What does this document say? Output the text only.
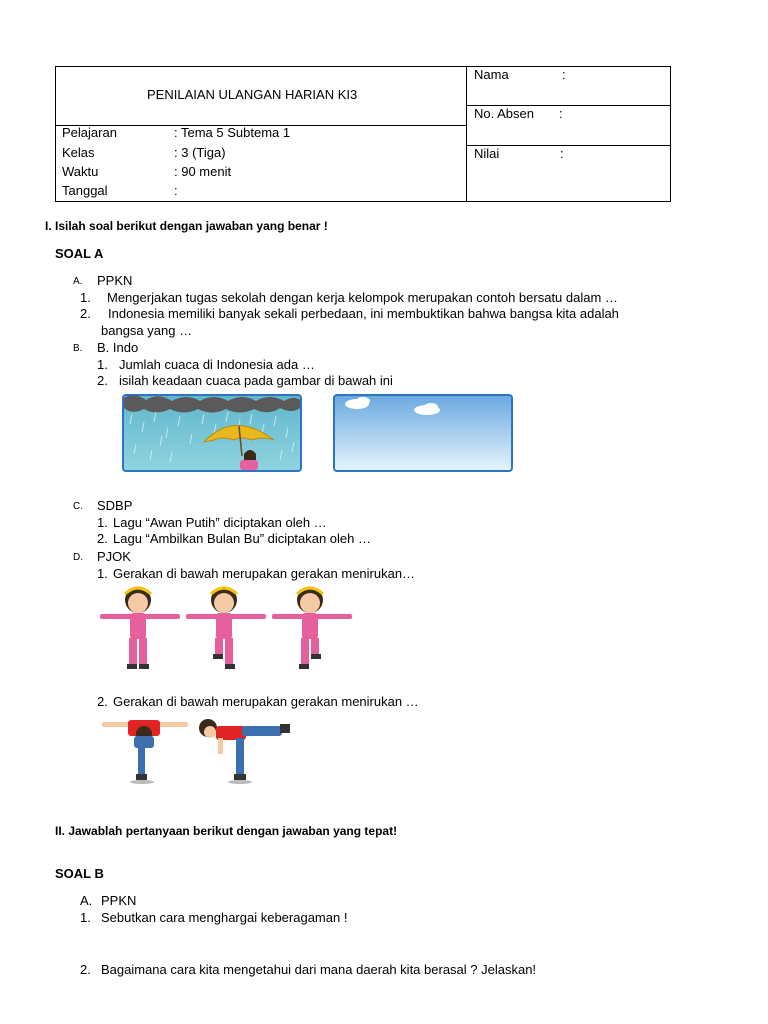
PENILAIAN ULANGAN HARIAN KI3
Pelajaran	: Tema 5 Subtema 1
Kelas	: 3 (Tiga)
Waktu	: 90 menit
Tanggal	:
Nama	:
No. Absen :
Nilai	:
I. Isilah soal berikut dengan jawaban yang benar !
SOAL A
A. PPKN
1. Mengerjakan tugas sekolah dengan kerja kelompok merupakan contoh bersatu dalam …
2. Indonesia memiliki banyak sekali perbedaan, ini membuktikan bahwa bangsa kita adalah
bangsa yang …
B. B. Indo
1. Jumlah cuaca di Indonesia ada …
2. isilah keadaan cuaca pada gambar di bawah ini
C. SDBP
1. Lagu “Awan Putih” diciptakan oleh …
2. Lagu “Ambilkan Bulan Bu” diciptakan oleh …
D. PJOK
1. Gerakan di bawah merupakan gerakan menirukan…
2. Gerakan di bawah merupakan gerakan menirukan …
II. Jawablah pertanyaan berikut dengan jawaban yang tepat!
SOAL B
A. PPKN
1. Sebutkan cara menghargai keberagaman !
2. Bagaimana cara kita mengetahui dari mana daerah kita berasal ? Jelaskan!
